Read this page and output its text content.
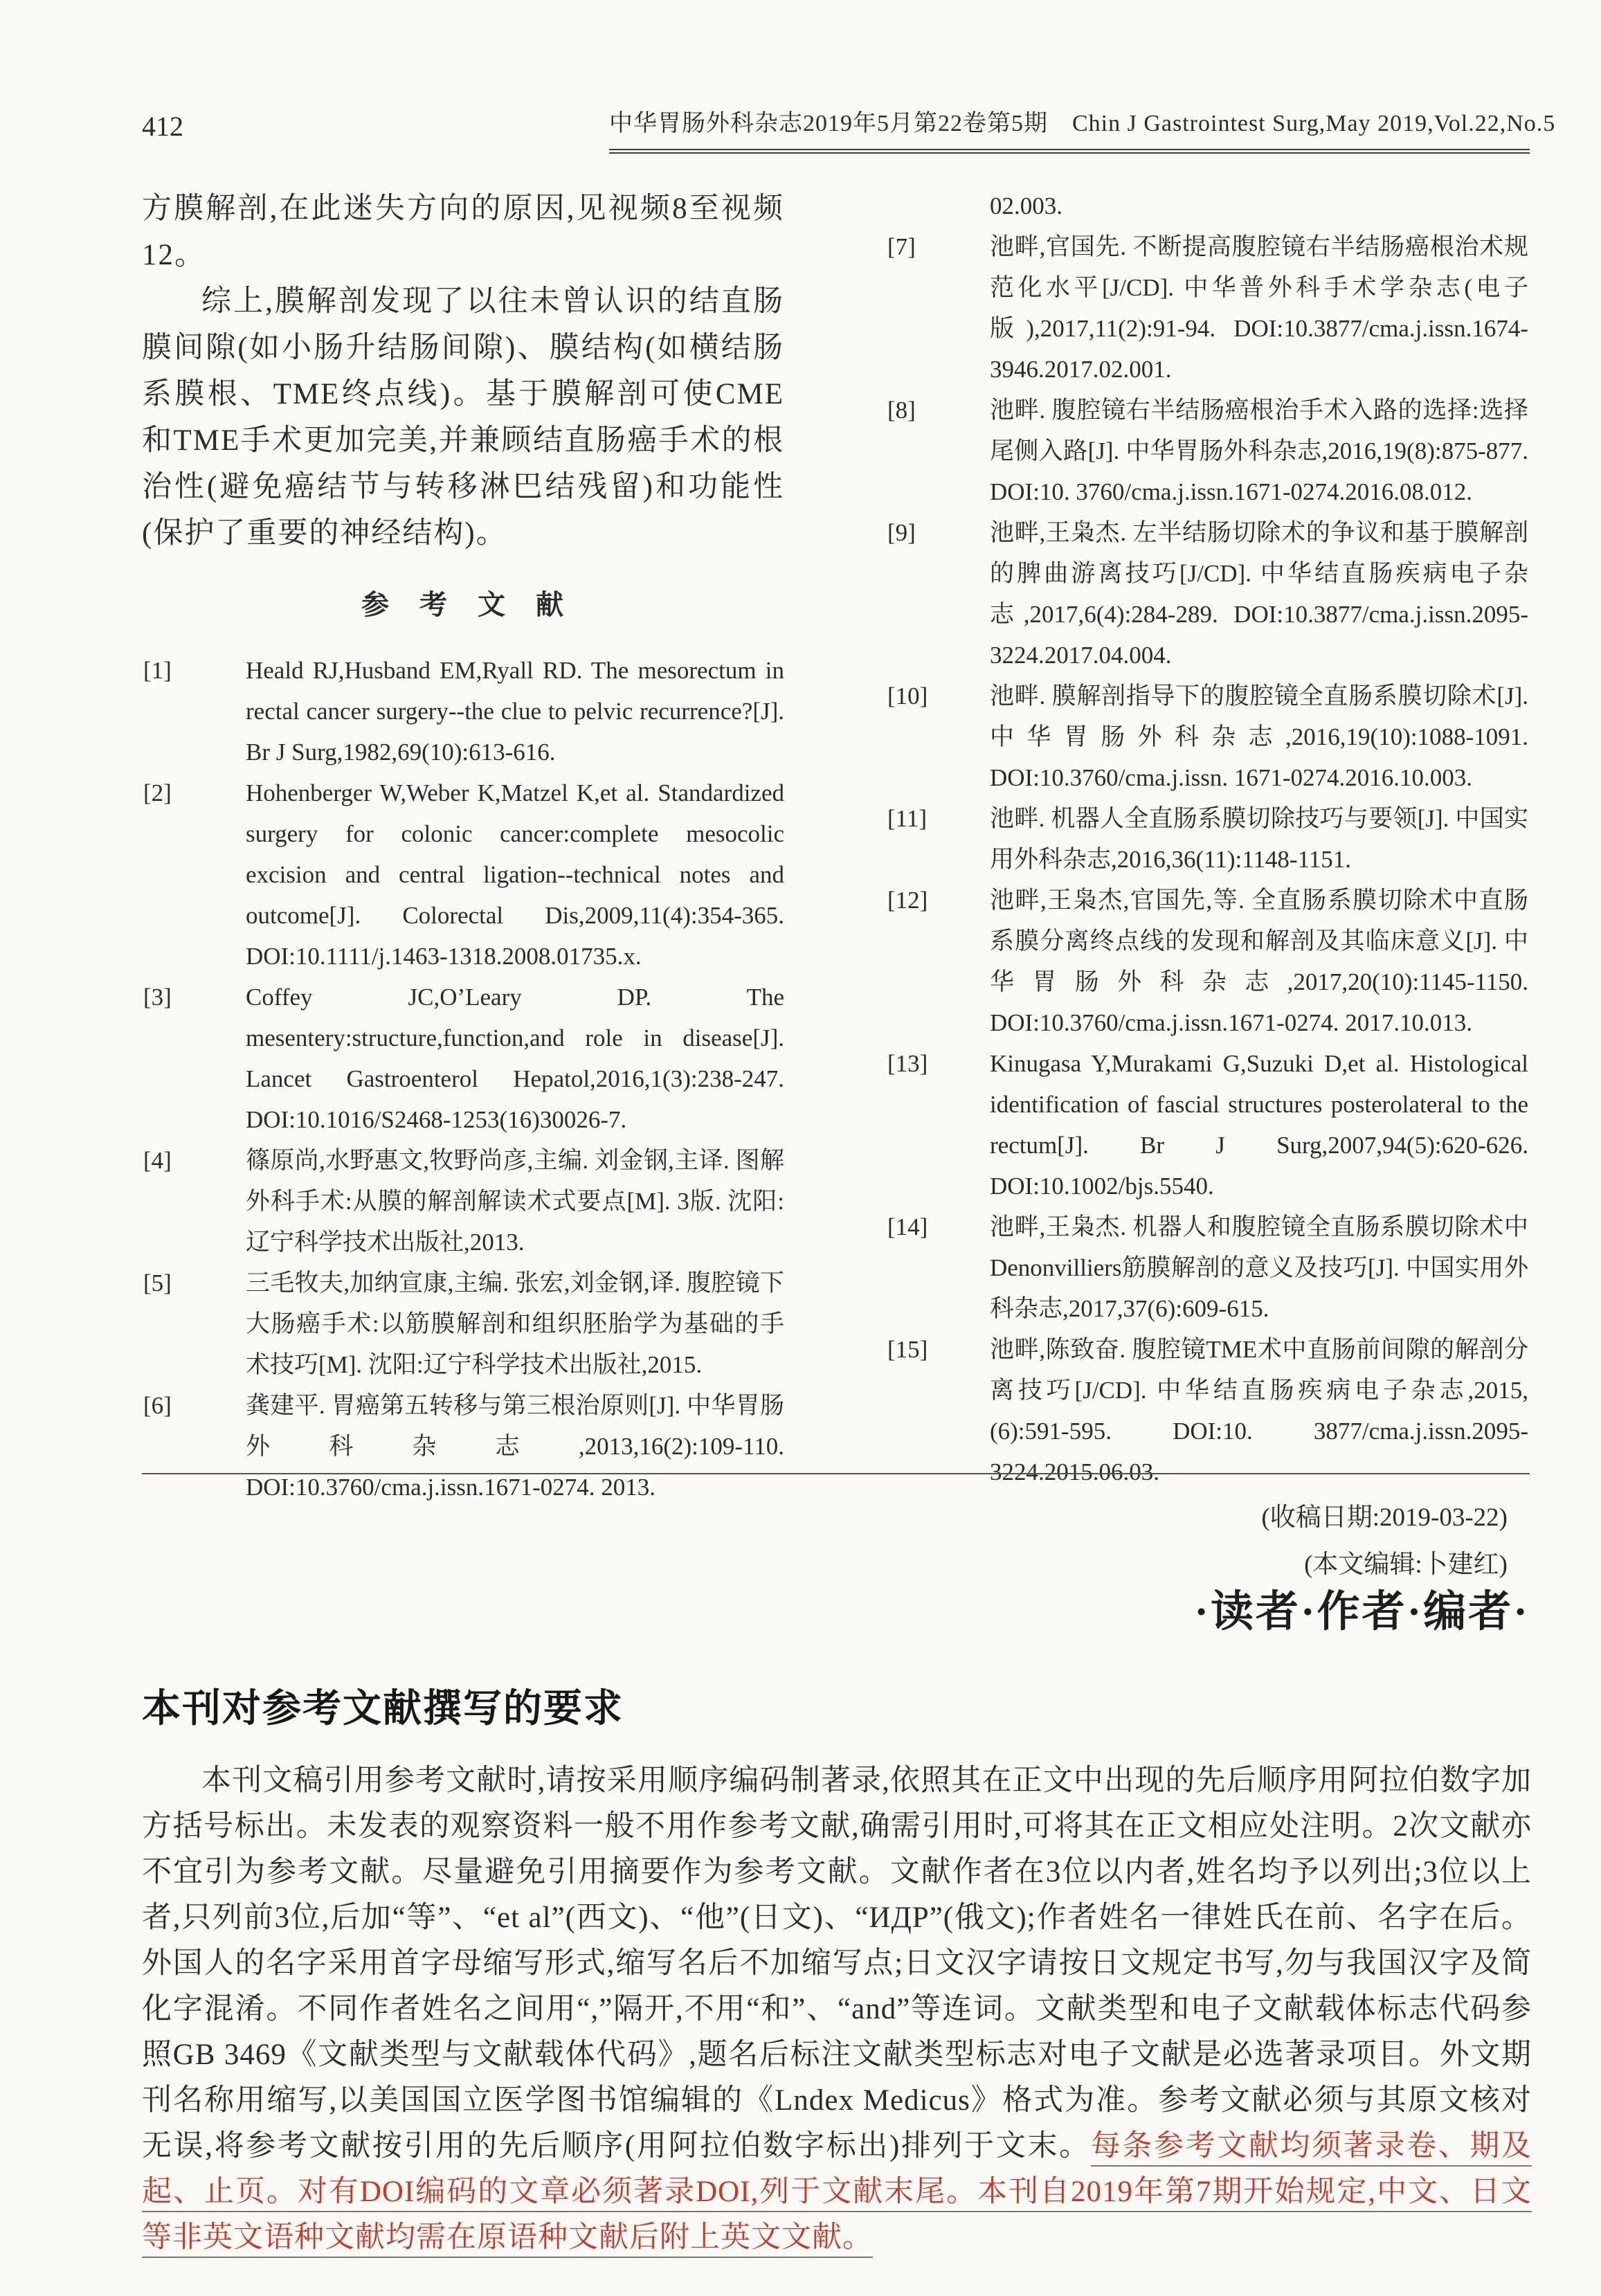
412	中华胃肠外科杂志2019年5月第22卷第5期　Chin J Gastrointest Surg,May 2019,Vol.22,No.5

方膜解剖,在此迷失方向的原因,见视频8至视频12。

综上,膜解剖发现了以往未曾认识的结直肠膜间隙(如小肠升结肠间隙)、膜结构(如横结肠系膜根、TME终点线)。基于膜解剖可使CME和TME手术更加完美,并兼顾结直肠癌手术的根治性(避免癌结节与转移淋巴结残留)和功能性(保护了重要的神经结构)。

参　考　文　献
[1]	Heald RJ,Husband EM,Ryall RD. The mesorectum in rectal cancer surgery--the clue to pelvic recurrence?[J]. Br J Surg,1982,69(10):613-616.
[2]	Hohenberger W,Weber K,Matzel K,et al. Standardized surgery for colonic cancer:complete mesocolic excision and central ligation--technical notes and outcome[J]. Colorectal Dis,2009,11(4):354-365. DOI:10.1111/j.1463-1318.2008.01735.x.
[3]	Coffey JC,O’Leary DP. The mesentery:structure,function,and role in disease[J]. Lancet Gastroenterol Hepatol,2016,1(3):238-247. DOI:10.1016/S2468-1253(16)30026-7.
[4]	篠原尚,水野惠文,牧野尚彦,主编. 刘金钢,主译. 图解外科手术:从膜的解剖解读术式要点[M]. 3版. 沈阳:辽宁科学技术出版社,2013.
[5]	三毛牧夫,加纳宣康,主编. 张宏,刘金钢,译. 腹腔镜下大肠癌手术:以筋膜解剖和组织胚胎学为基础的手术技巧[M]. 沈阳:辽宁科学技术出版社,2015.
[6]	龚建平. 胃癌第五转移与第三根治原则[J]. 中华胃肠外科杂志,2013,16(2):109-110. DOI:10.3760/cma.j.issn.1671-0274. 2013.
02.003.
[7]	池畔,官国先. 不断提高腹腔镜右半结肠癌根治术规范化水平[J/CD]. 中华普外科手术学杂志(电子版),2017,11(2):91-94. DOI:10.3877/cma.j.issn.1674-3946.2017.02.001.
[8]	池畔. 腹腔镜右半结肠癌根治手术入路的选择:选择尾侧入路[J]. 中华胃肠外科杂志,2016,19(8):875-877. DOI:10. 3760/cma.j.issn.1671-0274.2016.08.012.
[9]	池畔,王枭杰. 左半结肠切除术的争议和基于膜解剖的脾曲游离技巧[J/CD]. 中华结直肠疾病电子杂志,2017,6(4):284-289. DOI:10.3877/cma.j.issn.2095-3224.2017.04.004.
[10]	池畔. 膜解剖指导下的腹腔镜全直肠系膜切除术[J]. 中华胃肠外科杂志,2016,19(10):1088-1091. DOI:10.3760/cma.j.issn. 1671-0274.2016.10.003.
[11]	池畔. 机器人全直肠系膜切除技巧与要领[J]. 中国实用外科杂志,2016,36(11):1148-1151.
[12]	池畔,王枭杰,官国先,等. 全直肠系膜切除术中直肠系膜分离终点线的发现和解剖及其临床意义[J]. 中华胃肠外科杂志,2017,20(10):1145-1150. DOI:10.3760/cma.j.issn.1671-0274. 2017.10.013.
[13]	Kinugasa Y,Murakami G,Suzuki D,et al. Histological identification of fascial structures posterolateral to the rectum[J]. Br J Surg,2007,94(5):620-626. DOI:10.1002/bjs.5540.
[14]	池畔,王枭杰. 机器人和腹腔镜全直肠系膜切除术中Denonvilliers筋膜解剖的意义及技巧[J]. 中国实用外科杂志,2017,37(6):609-615.
[15]	池畔,陈致奋. 腹腔镜TME术中直肠前间隙的解剖分离技巧[J/CD]. 中华结直肠疾病电子杂志,2015,(6):591-595. DOI:10. 3877/cma.j.issn.2095-3224.2015.06.03.

(收稿日期:2019-03-22)

(本文编辑:卜建红)

·读者·作者·编者·
本刊对参考文献撰写的要求

本刊文稿引用参考文献时,请按采用顺序编码制著录,依照其在正文中出现的先后顺序用阿拉伯数字加方括号标出。未发表的观察资料一般不用作参考文献,确需引用时,可将其在正文相应处注明。2次文献亦不宜引为参考文献。尽量避免引用摘要作为参考文献。文献作者在3位以内者,姓名均予以列出;3位以上者,只列前3位,后加“等”、“et al”(西文)、“他”(日文)、“ИДР”(俄文);作者姓名一律姓氏在前、名字在后。外国人的名字采用首字母缩写形式,缩写名后不加缩写点;日文汉字请按日文规定书写,勿与我国汉字及简化字混淆。不同作者姓名之间用“,”隔开,不用“和”、“and”等连词。文献类型和电子文献载体标志代码参照GB 3469《文献类型与文献载体代码》,题名后标注文献类型标志对电子文献是必选著录项目。外文期刊名称用缩写,以美国国立医学图书馆编辑的《Lndex Medicus》格式为准。参考文献必须与其原文核对无误,将参考文献按引用的先后顺序(用阿拉伯数字标出)排列于文末。每条参考文献均须著录卷、期及起、止页。对有DOI编码的文章必须著录DOI,列于文献末尾。本刊自2019年第7期开始规定,中文、日文等非英文语种文献均需在原语种文献后附上英文文献。
